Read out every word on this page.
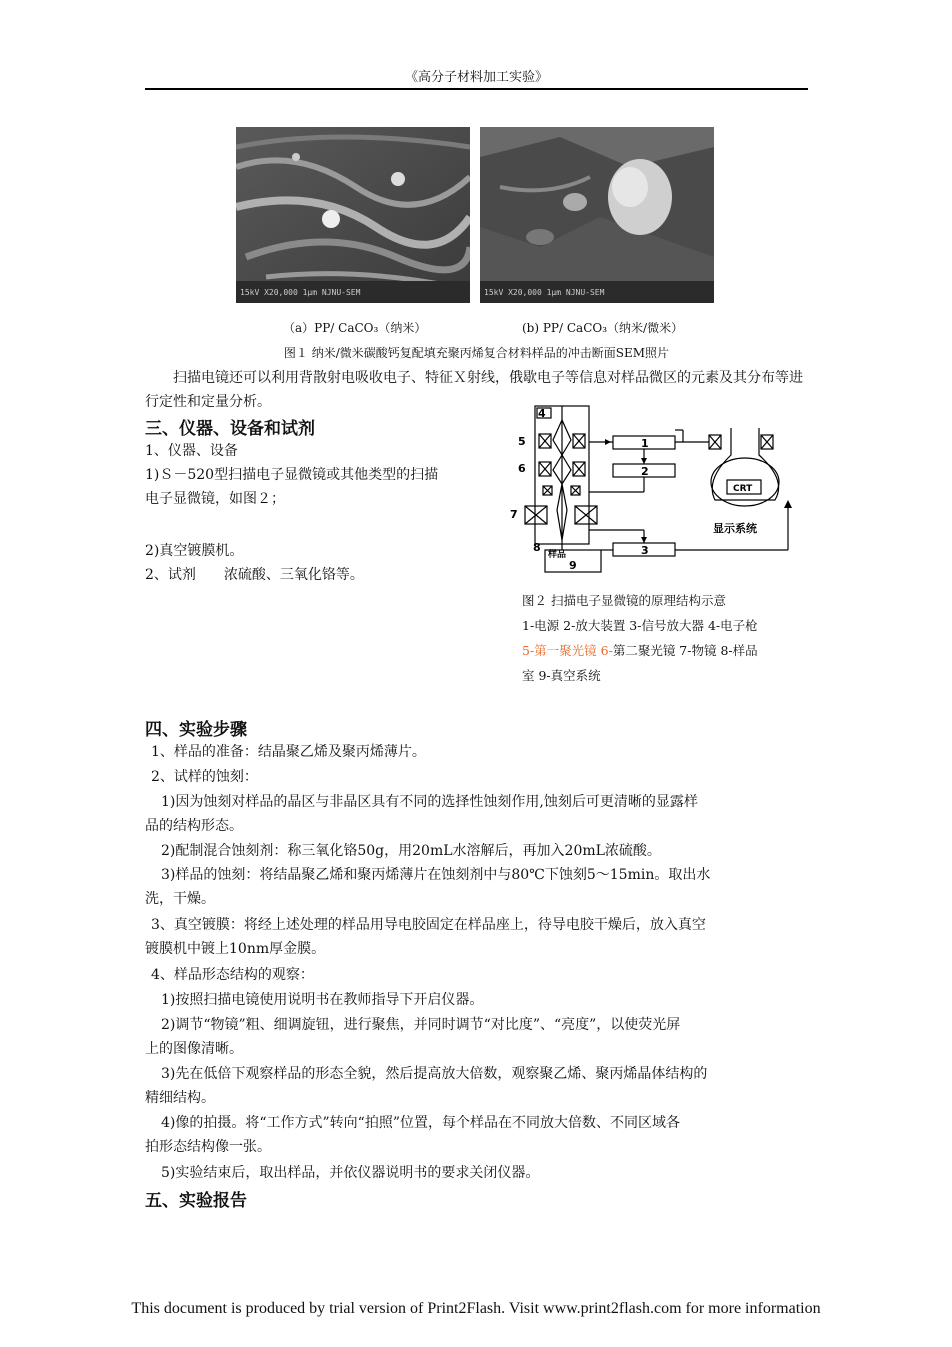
《高分子材料加工实验》
15kV X20,000 1μm NJNU-SEM	15kV X20,000 1μm NJNU-SEM
（a）PP/ CaCO₃（纳米）	(b) PP/ CaCO₃（纳米/微米）
图１ 纳米/微米碳酸钙复配填充聚丙烯复合材料样品的冲击断面SEM照片
扫描电镜还可以利用背散射电吸收电子、特征Ｘ射线，俄歇电子等信息对样品微区的元素及其分布等进行定性和定量分析。
三、仪器、设备和试剂
1、仪器、设备
1)Ｓ－520型扫描电子显微镜或其他类型的扫描
电子显微镜，如图２；
2)真空镀膜机。
2、试剂　　浓硫酸、三氧化铬等。
4
5
6
7
8
样品
9
1
2
3
CRT
显示系统
图２ 扫描电子显微镜的原理结构示意
1-电源 2-放大装置 3-信号放大器 4-电子枪
5-第一聚光镜 6-第二聚光镜 7-物镜 8-样品
室 9-真空系统
四、实验步骤
1、样品的准备：结晶聚乙烯及聚丙烯薄片。
2、试样的蚀刻：
1)因为蚀刻对样品的晶区与非晶区具有不同的选择性蚀刻作用,蚀刻后可更清晰的显露样
品的结构形态。
2)配制混合蚀刻剂：称三氧化铬50g，用20mL水溶解后，再加入20mL浓硫酸。
3)样品的蚀刻：将结晶聚乙烯和聚丙烯薄片在蚀刻剂中与80℃下蚀刻5～15min。取出水
洗，干燥。
3、真空镀膜：将经上述处理的样品用导电胶固定在样品座上，待导电胶干燥后，放入真空
镀膜机中镀上10nm厚金膜。
4、样品形态结构的观察：
1)按照扫描电镜使用说明书在教师指导下开启仪器。
2)调节“物镜”粗、细调旋钮，进行聚焦，并同时调节“对比度”、“亮度”，以使荧光屏
上的图像清晰。
3)先在低倍下观察样品的形态全貌，然后提高放大倍数，观察聚乙烯、聚丙烯晶体结构的
精细结构。
4)像的拍摄。将“工作方式”转向“拍照”位置，每个样品在不同放大倍数、不同区域各
拍形态结构像一张。
5)实验结束后，取出样品，并依仪器说明书的要求关闭仪器。
五、实验报告
This document is produced by trial version of Print2Flash. Visit www.print2flash.com for more information
